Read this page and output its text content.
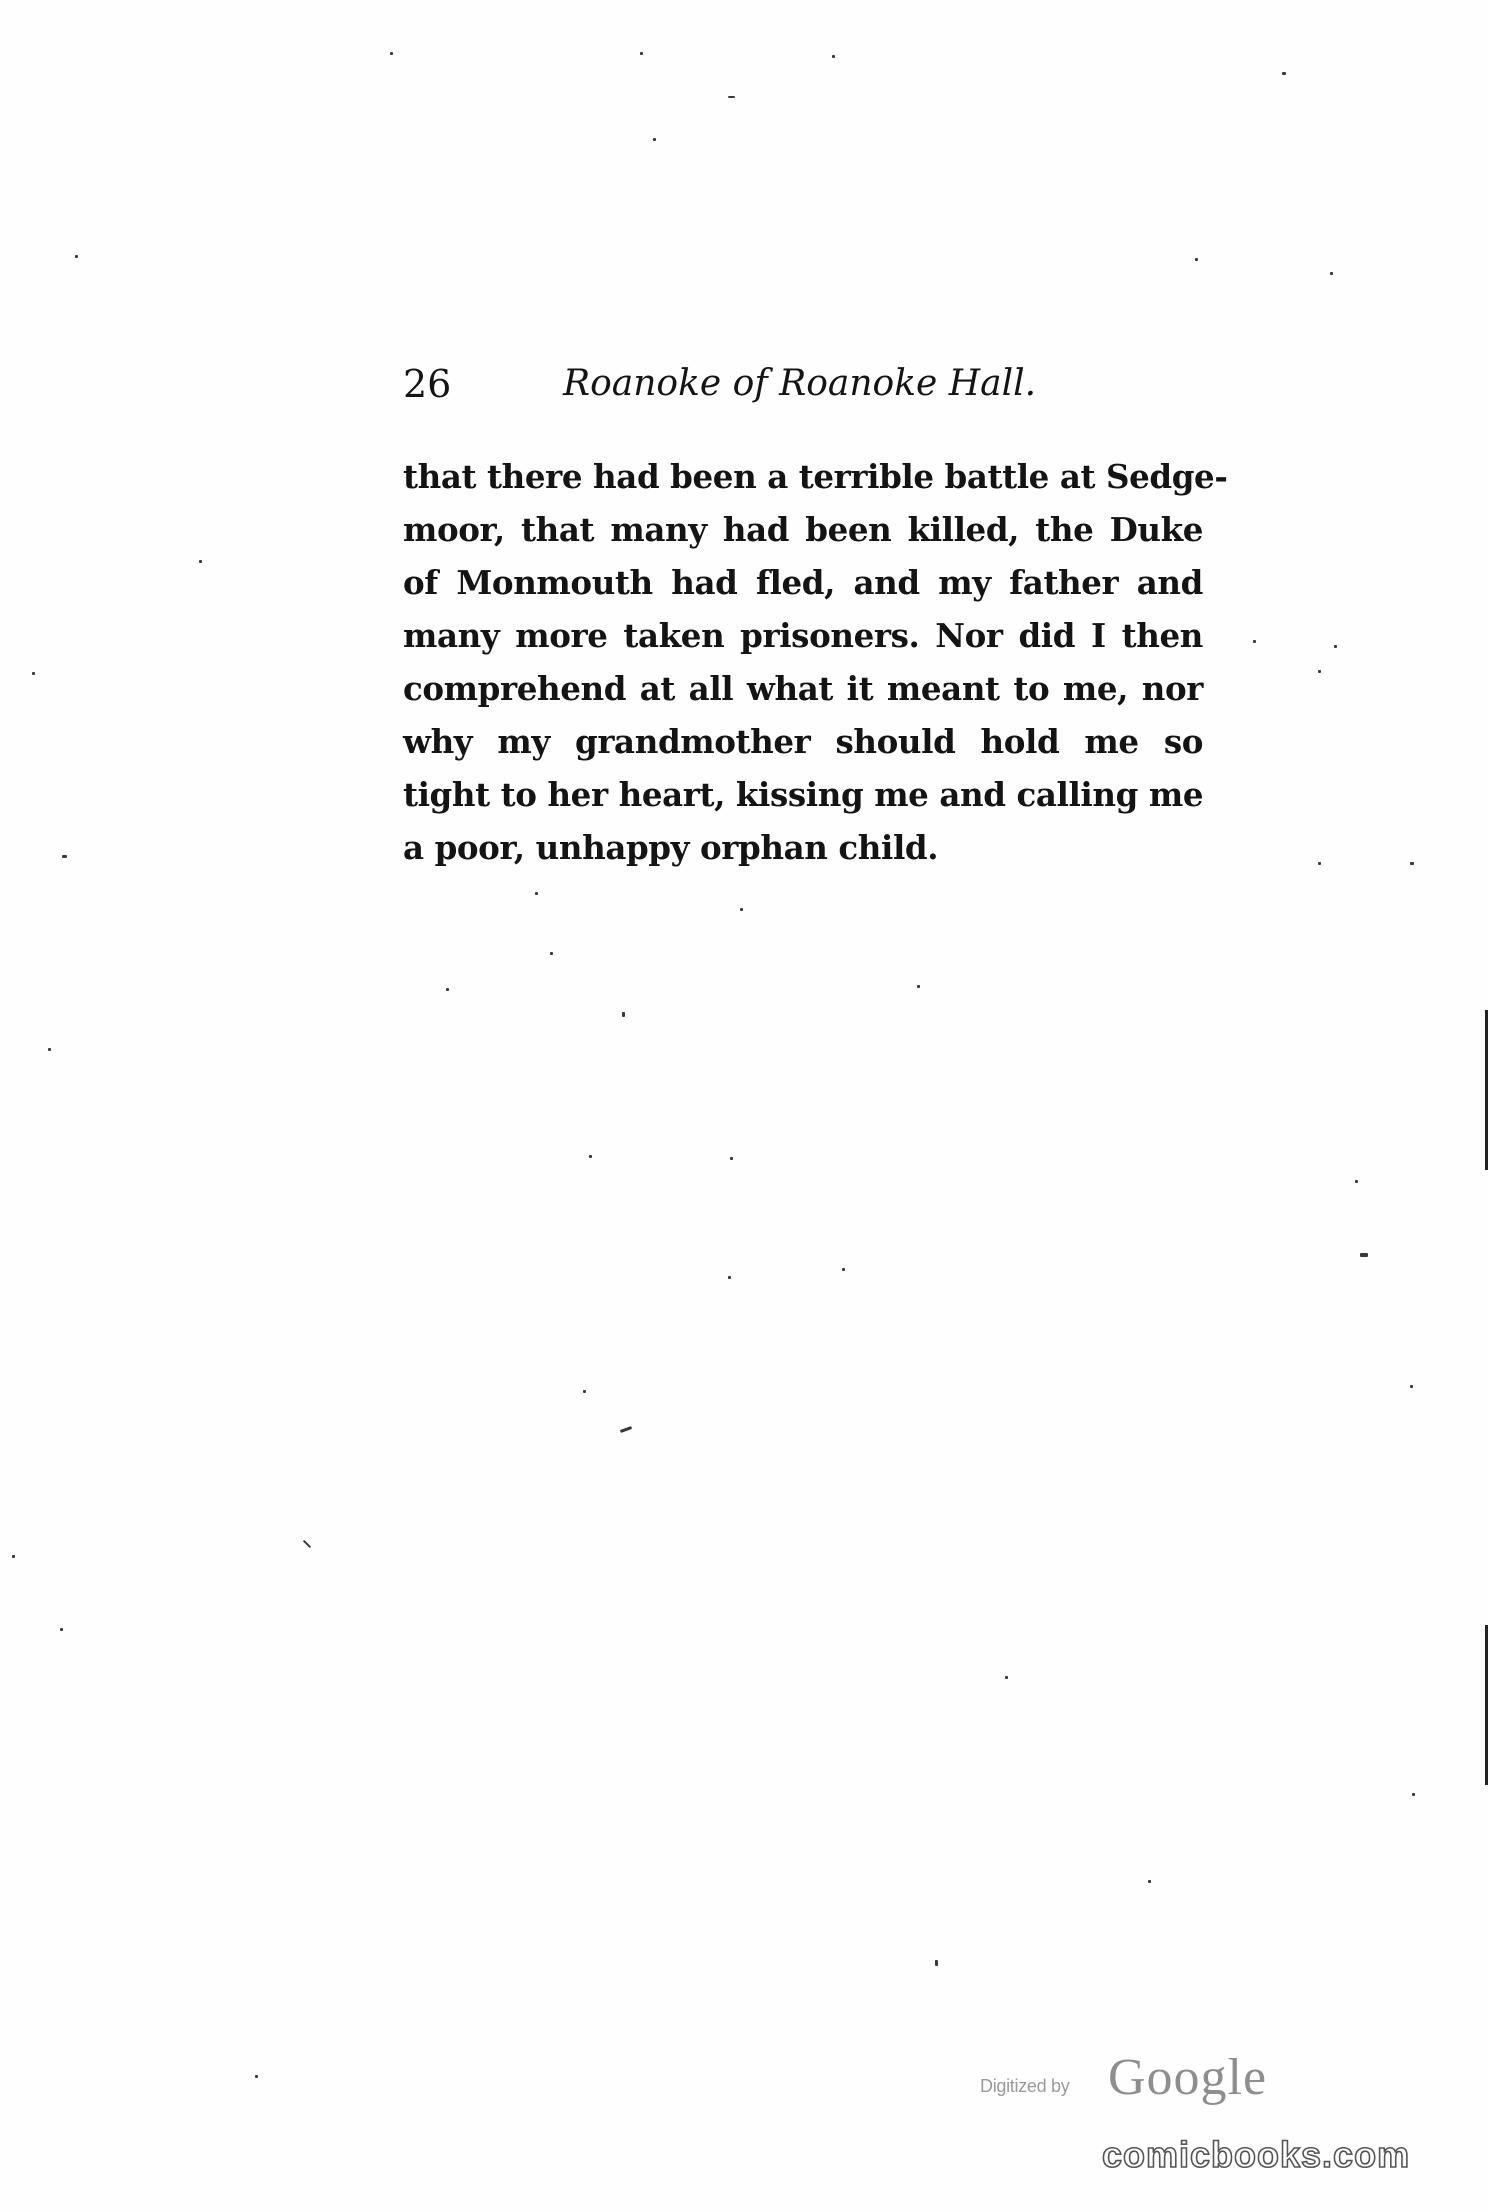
26	Roanoke of Roanoke Hall.
that there had been a terrible battle at Sedge-
moor, that many had been killed, the Duke
of Monmouth had fled, and my father and
many more taken prisoners. Nor did I then
comprehend at all what it meant to me, nor
why my grandmother should hold me so
tight to her heart, kissing me and calling me
a poor, unhappy orphan child.
Digitized by Google
comicbooks.com
